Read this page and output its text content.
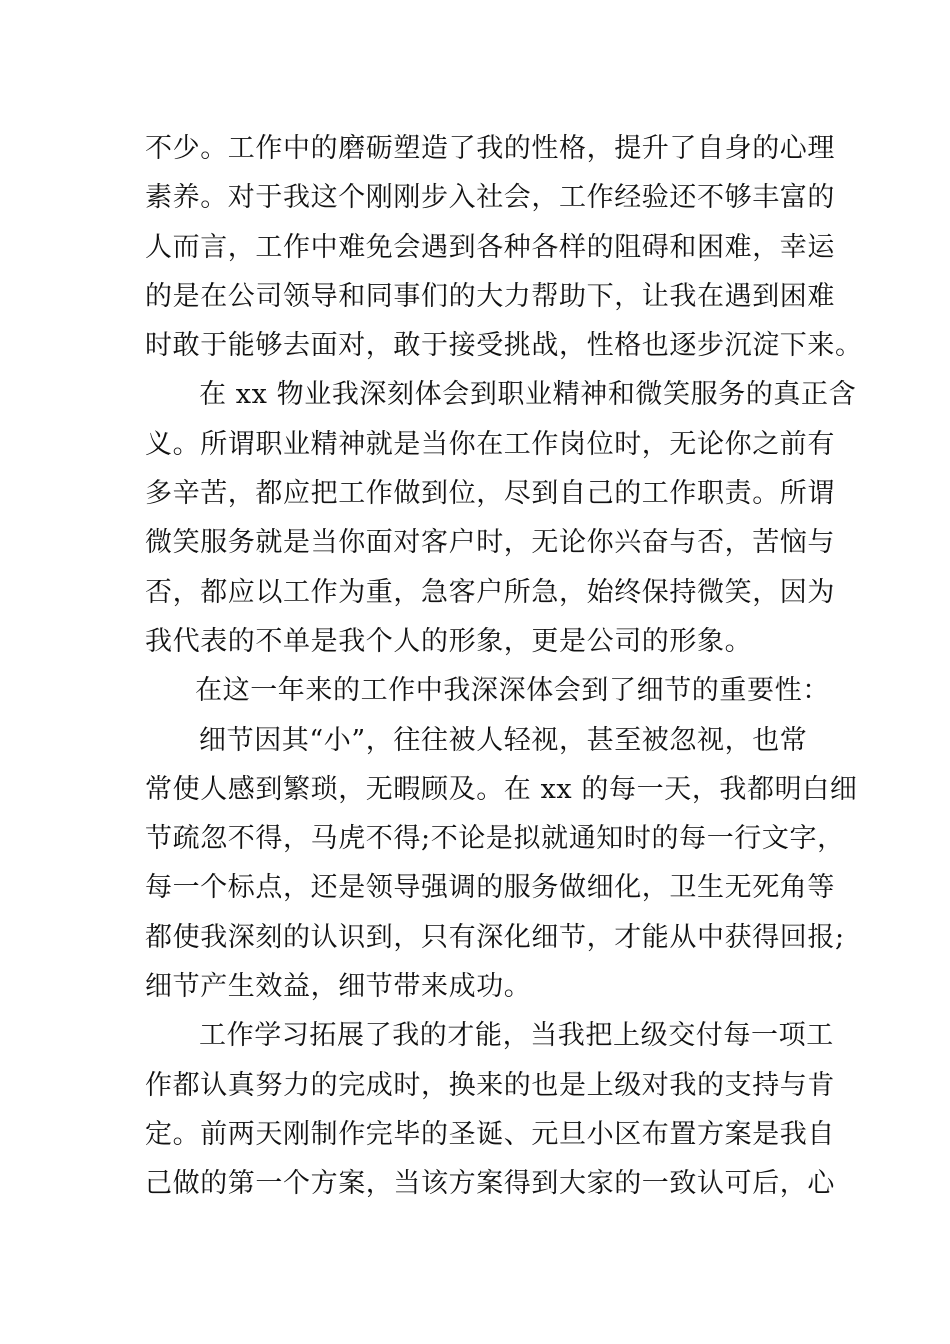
不少。工作中的磨砺塑造了我的性格，提升了自身的心理
素养。对于我这个刚刚步入社会，工作经验还不够丰富的
人而言，工作中难免会遇到各种各样的阻碍和困难，幸运
的是在公司领导和同事们的大力帮助下，让我在遇到困难
时敢于能够去面对，敢于接受挑战，性格也逐步沉淀下来。
在 xx 物业我深刻体会到职业精神和微笑服务的真正含
义。所谓职业精神就是当你在工作岗位时，无论你之前有
多辛苦，都应把工作做到位，尽到自己的工作职责。所谓
微笑服务就是当你面对客户时，无论你兴奋与否，苦恼与
否，都应以工作为重，急客户所急，始终保持微笑，因为
我代表的不单是我个人的形象，更是公司的形象。
在这一年来的工作中我深深体会到了细节的重要性：
细节因其“小”，往往被人轻视，甚至被忽视，也常
常使人感到繁琐，无暇顾及。在 xx 的每一天，我都明白细
节疏忽不得，马虎不得;不论是拟就通知时的每一行文字，
每一个标点，还是领导强调的服务做细化，卫生无死角等
都使我深刻的认识到，只有深化细节，才能从中获得回报;
细节产生效益，细节带来成功。
工作学习拓展了我的才能，当我把上级交付每一项工
作都认真努力的完成时，换来的也是上级对我的支持与肯
定。前两天刚制作完毕的圣诞、元旦小区布置方案是我自
己做的第一个方案，当该方案得到大家的一致认可后，心
